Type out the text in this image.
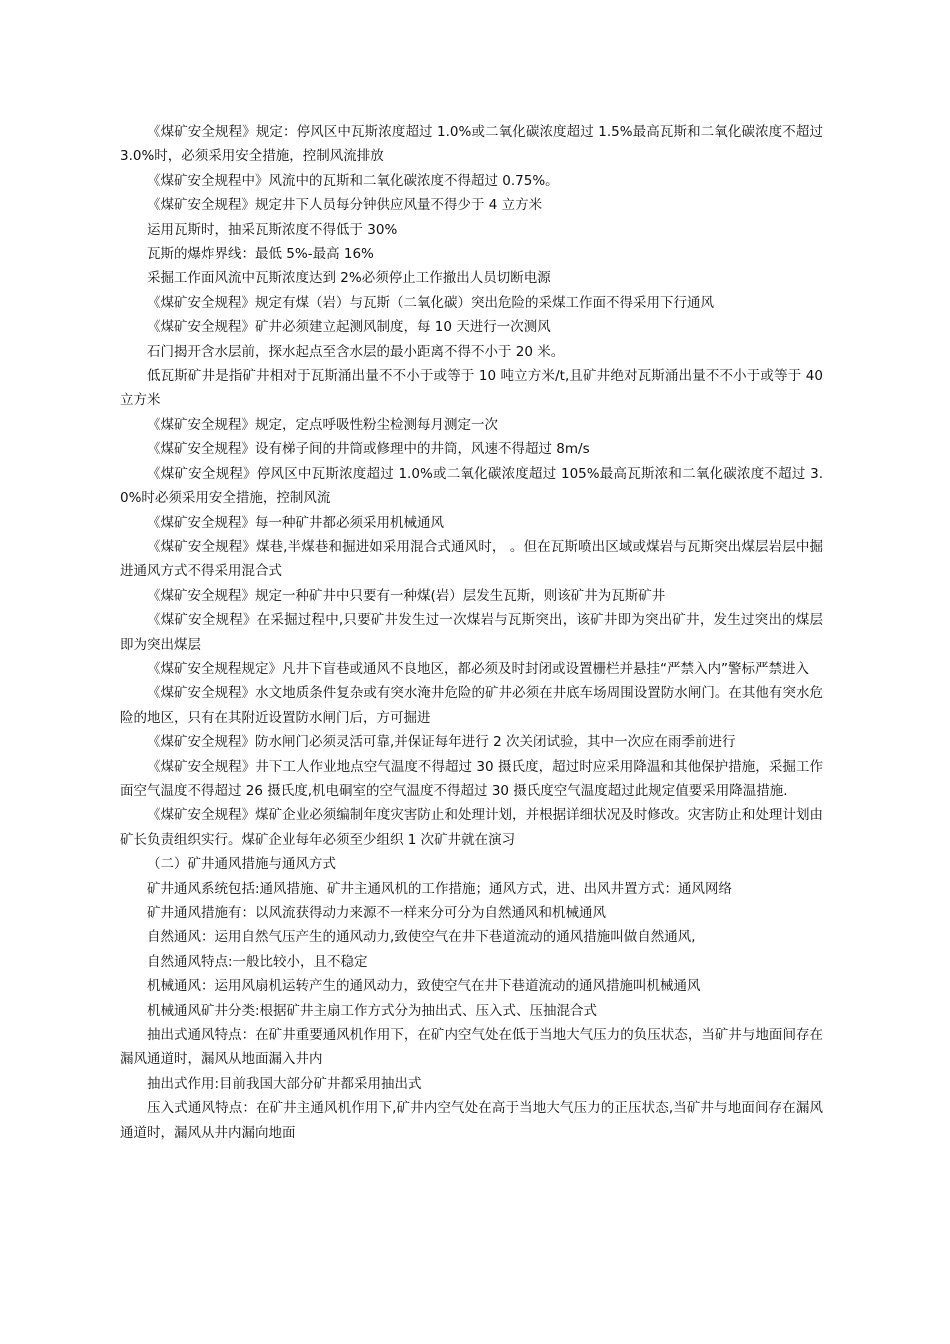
《煤矿安全规程》规定：停风区中瓦斯浓度超过 1.0%或二氧化碳浓度超过 1.5%最高瓦斯和二氧化碳浓度不超过 3.0%时，必须采用安全措施，控制风流排放

《煤矿安全规程中》风流中的瓦斯和二氧化碳浓度不得超过 0.75%。

《煤矿安全规程》规定井下人员每分钟供应风量不得少于 4 立方米

运用瓦斯时，抽采瓦斯浓度不得低于 30%

瓦斯的爆炸界线：最低 5%-最高 16%

采掘工作面风流中瓦斯浓度达到 2%必须停止工作撤出人员切断电源

《煤矿安全规程》规定有煤（岩）与瓦斯（二氧化碳）突出危险的采煤工作面不得采用下行通风

《煤矿安全规程》矿井必须建立起测风制度，每 10 天进行一次测风

石门揭开含水层前，探水起点至含水层的最小距离不得不小于 20 米。

低瓦斯矿井是指矿井相对于瓦斯涌出量不不小于或等于 10 吨立方米/t,且矿井绝对瓦斯涌出量不不小于或等于 40 立方米

《煤矿安全规程》规定，定点呼吸性粉尘检测每月测定一次

《煤矿安全规程》设有梯子间的井筒或修理中的井筒，风速不得超过 8m/s

《煤矿安全规程》停风区中瓦斯浓度超过 1.0%或二氧化碳浓度超过 105%最高瓦斯浓和二氧化碳浓度不超过 3.0%时必须采用安全措施，控制风流

《煤矿安全规程》每一种矿井都必须采用机械通风

《煤矿安全规程》煤巷,半煤巷和掘进如采用混合式通风时， 。但在瓦斯喷出区域或煤岩与瓦斯突出煤层岩层中掘进通风方式不得采用混合式

《煤矿安全规程》规定一种矿井中只要有一种煤(岩）层发生瓦斯，则该矿井为瓦斯矿井

《煤矿安全规程》在采掘过程中,只要矿井发生过一次煤岩与瓦斯突出，该矿井即为突出矿井，发生过突出的煤层即为突出煤层

《煤矿安全规程规定》凡井下盲巷或通风不良地区，都必须及时封闭或设置栅栏并悬挂“严禁入内”警标严禁进入

《煤矿安全规程》水文地质条件复杂或有突水淹井危险的矿井必须在井底车场周围设置防水闸门。在其他有突水危险的地区，只有在其附近设置防水闸门后，方可掘进

《煤矿安全规程》防水闸门必须灵活可靠,并保证每年进行 2 次关闭试验，其中一次应在雨季前进行

《煤矿安全规程》井下工人作业地点空气温度不得超过 30 摄氏度，超过时应采用降温和其他保护措施，采掘工作面空气温度不得超过 26 摄氏度,机电硐室的空气温度不得超过 30 摄氏度空气温度超过此规定值要采用降温措施.

《煤矿安全规程》煤矿企业必须编制年度灾害防止和处理计划，并根据详细状况及时修改。灾害防止和处理计划由矿长负责组织实行。煤矿企业每年必须至少组织 1 次矿井就在演习

（二）矿井通风措施与通风方式

矿井通风系统包括:通风措施、矿井主通风机的工作措施；通风方式，进、出风井置方式：通风网络

矿井通风措施有：以风流获得动力来源不一样来分可分为自然通风和机械通风

自然通风：运用自然气压产生的通风动力,致使空气在井下巷道流动的通风措施叫做自然通风,

自然通风特点:一般比较小，且不稳定

机械通风：运用风扇机运转产生的通风动力，致使空气在井下巷道流动的通风措施叫机械通风

机械通风矿井分类:根据矿井主扇工作方式分为抽出式、压入式、压抽混合式

抽出式通风特点：在矿井重要通风机作用下，在矿内空气处在低于当地大气压力的负压状态，当矿井与地面间存在漏风通道时，漏风从地面漏入井内

抽出式作用:目前我国大部分矿井都采用抽出式

压入式通风特点：在矿井主通风机作用下,矿井内空气处在高于当地大气压力的正压状态,当矿井与地面间存在漏风通道时，漏风从井内漏向地面
